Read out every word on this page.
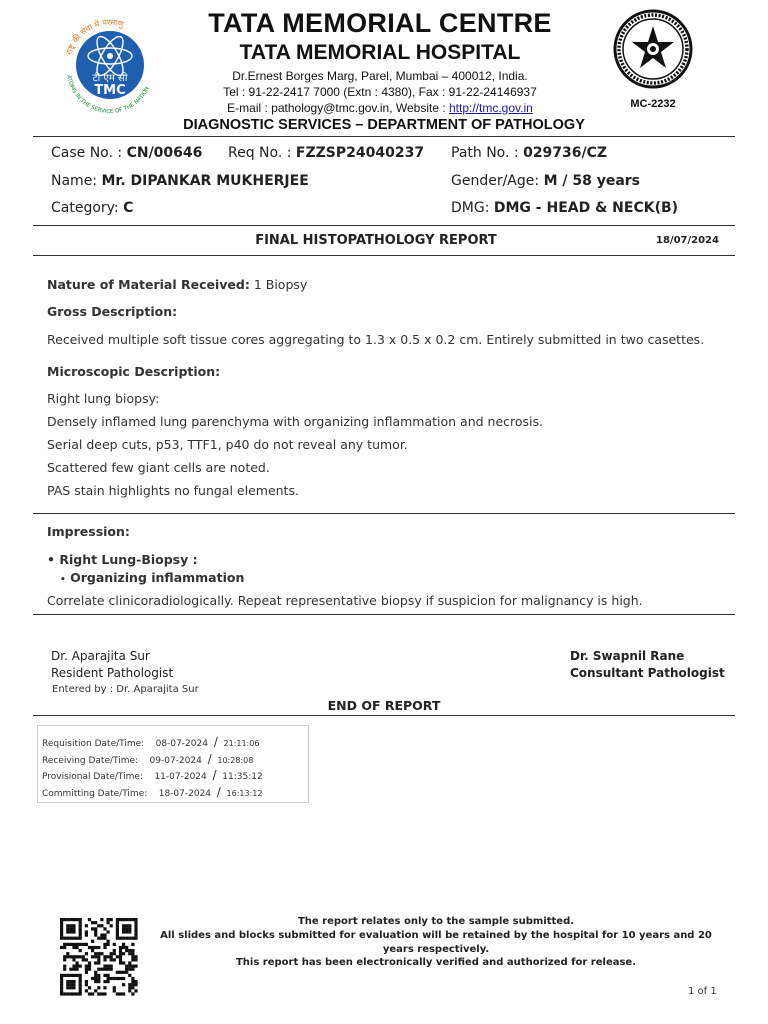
राष्ट्र की सेवा में परमाणु
ATOMS IN THE SERVICE OF THE NATION
टी एम सी
TMC
TATA MEMORIAL CENTRE
TATA MEMORIAL HOSPITAL
Dr.Ernest Borges Marg, Parel, Mumbai – 400012, India.
Tel : 91-22-2417 7000 (Extn : 4380), Fax : 91-22-24146937
E-mail : pathology@tmc.gov.in, Website : http://tmc.gov.in	MC-2232
DIAGNOSTIC SERVICES – DEPARTMENT OF PATHOLOGY
Case No. : CN/00646 Req No. : FZZSP24040237 Path No. : 029736/CZ
Name: Mr. DIPANKAR MUKHERJEE	Gender/Age: M / 58 years
Category: C	DMG: DMG - HEAD & NECK(B)
FINAL HISTOPATHOLOGY REPORT	18/07/2024
Nature of Material Received: 1 Biopsy
Gross Description:
Received multiple soft tissue cores aggregating to 1.3 x 0.5 x 0.2 cm. Entirely submitted in two casettes.
Microscopic Description:
Right lung biopsy:
Densely inflamed lung parenchyma with organizing inflammation and necrosis.
Serial deep cuts, p53, TTF1, p40 do not reveal any tumor.
Scattered few giant cells are noted.
PAS stain highlights no fungal elements.
Impression:
• Right Lung-Biopsy :
• Organizing inflammation
Correlate clinicoradiologically. Repeat representative biopsy if suspicion for malignancy is high.
Dr. Aparajita Sur
Resident Pathologist
Entered by : Dr. Aparajita Sur
Dr. Swapnil Rane
Consultant Pathologist
END OF REPORT
Requisition Date/Time: 08-07-2024 / 21:11:06
Receiving Date/Time: 09-07-2024 / 10:28:08
Provisional Date/Time: 11-07-2024 / 11:35:12
Committing Date/Time: 18-07-2024 / 16:13:12
The report relates only to the sample submitted.
All slides and blocks submitted for evaluation will be retained by the hospital for 10 years and 20 years respectively.
This report has been electronically verified and authorized for release.
1 of 1
